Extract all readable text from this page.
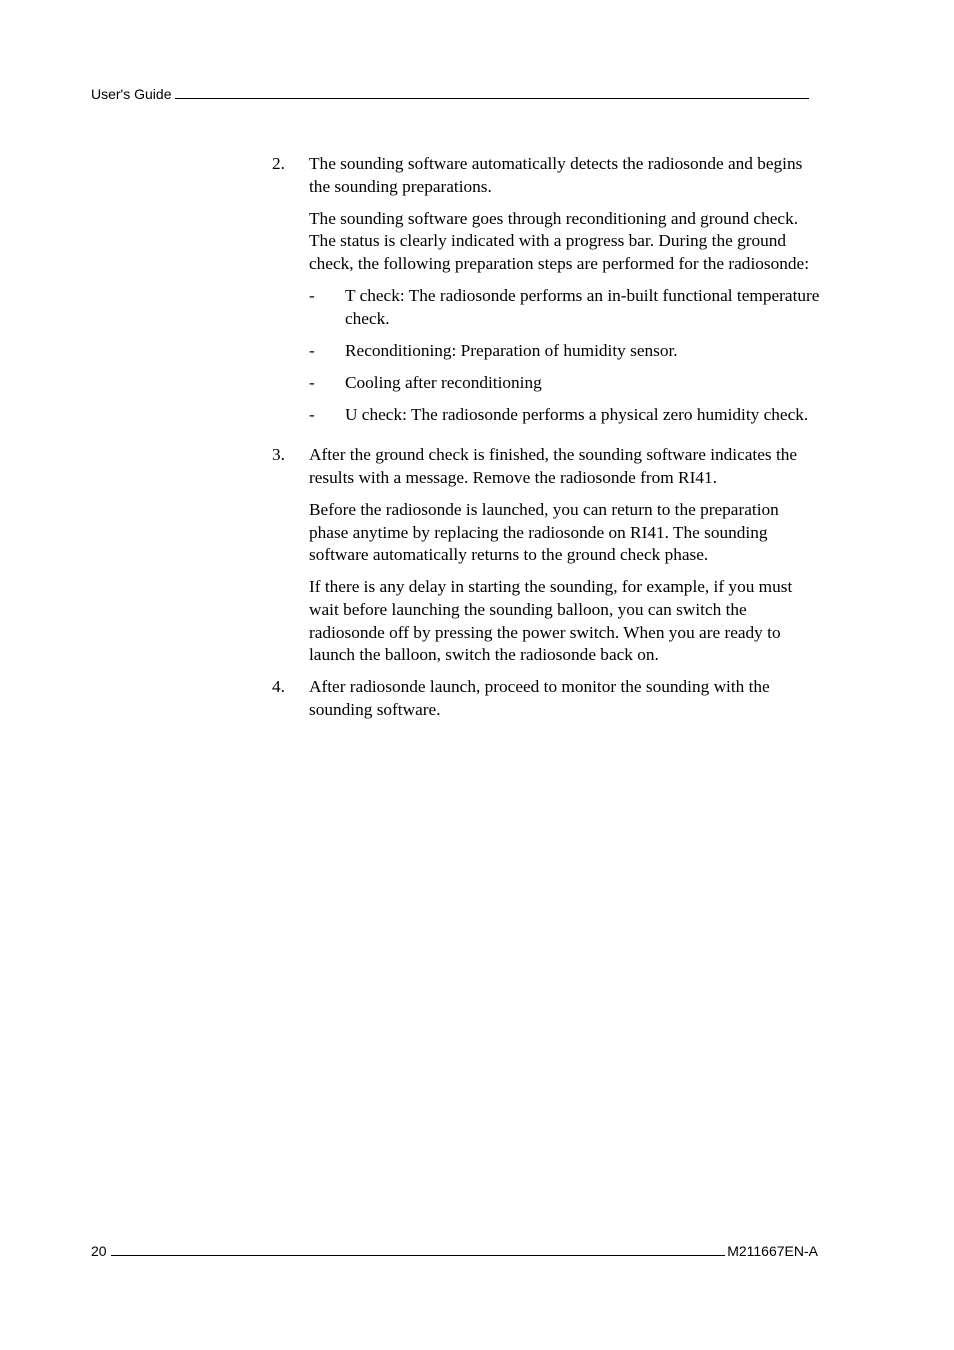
User's Guide
2.	The sounding software automatically detects the radiosonde and begins the sounding preparations.

The sounding software goes through reconditioning and ground check. The status is clearly indicated with a progress bar. During the ground check, the following preparation steps are performed for the radiosonde:

-	T check: The radiosonde performs an in-built functional temperature check.
-	Reconditioning: Preparation of humidity sensor.
-	Cooling after reconditioning
-	U check: The radiosonde performs a physical zero humidity check.
3.	After the ground check is finished, the sounding software indicates the results with a message. Remove the radiosonde from RI41.

Before the radiosonde is launched, you can return to the preparation phase anytime by replacing the radiosonde on RI41. The sounding software automatically returns to the ground check phase.

If there is any delay in starting the sounding, for example, if you must wait before launching the sounding balloon, you can switch the radiosonde off by pressing the power switch. When you are ready to launch the balloon, switch the radiosonde back on.

4.	After radiosonde launch, proceed to monitor the sounding with the sounding software.

20	M211667EN-A
